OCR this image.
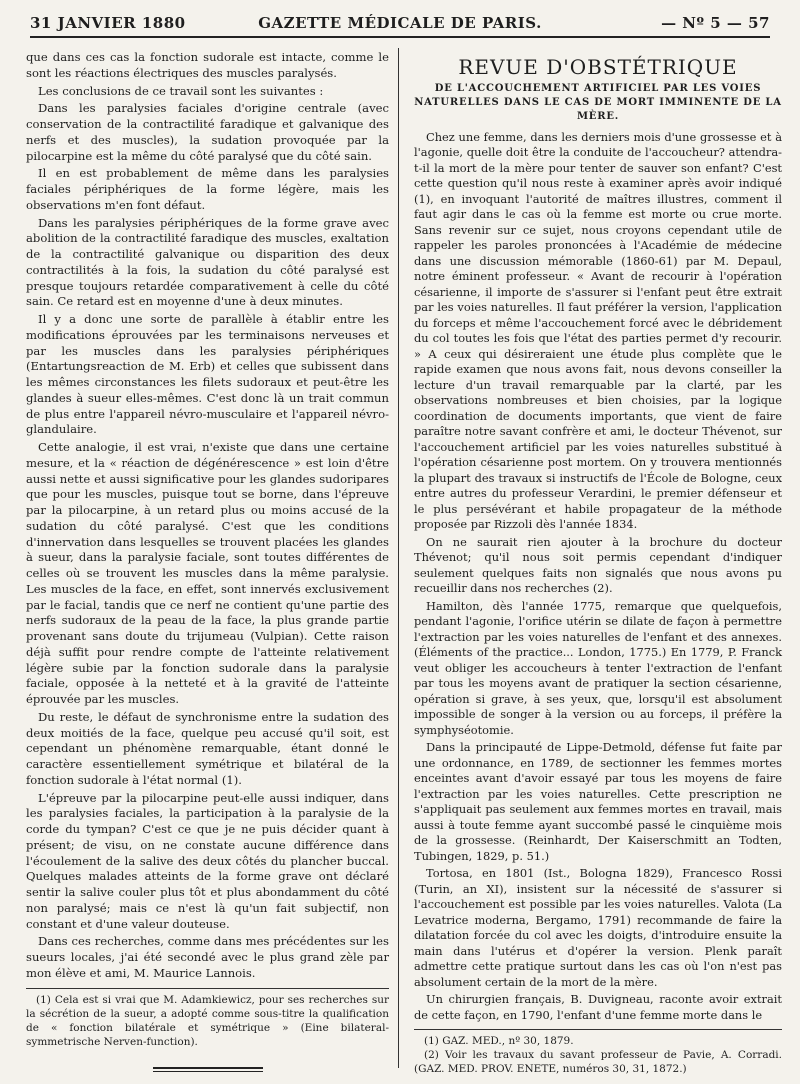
31 JANVIER 1880	GAZETTE MÉDICALE DE PARIS.	— Nº 5 — 57

que dans ces cas la fonction sudorale est intacte, comme le sont les réactions électriques des muscles paralysés.

Les conclusions de ce travail sont les suivantes :

Dans les paralysies faciales d'origine centrale (avec conservation de la contractilité faradique et galvanique des nerfs et des muscles), la sudation provoquée par la pilocarpine est la même du côté paralysé que du côté sain.

Il en est probablement de même dans les paralysies faciales périphériques de la forme légère, mais les observations m'en font défaut.

Dans les paralysies périphériques de la forme grave avec abolition de la contractilité faradique des muscles, exaltation de la contractilité galvanique ou disparition des deux contractilités à la fois, la sudation du côté paralysé est presque toujours retardée comparativement à celle du côté sain. Ce retard est en moyenne d'une à deux minutes.

Il y a donc une sorte de parallèle à établir entre les modifications éprouvées par les terminaisons nerveuses et par les muscles dans les paralysies périphériques (Entartungsreaction de M. Erb) et celles que subissent dans les mêmes circonstances les filets sudoraux et peut-être les glandes à sueur elles-mêmes. C'est donc là un trait commun de plus entre l'appareil névro-musculaire et l'appareil névro-glandulaire.

Cette analogie, il est vrai, n'existe que dans une certaine mesure, et la « réaction de dégénérescence » est loin d'être aussi nette et aussi significative pour les glandes sudoripares que pour les muscles, puisque tout se borne, dans l'épreuve par la pilocarpine, à un retard plus ou moins accusé de la sudation du côté paralysé. C'est que les conditions d'innervation dans lesquelles se trouvent placées les glandes à sueur, dans la paralysie faciale, sont toutes différentes de celles où se trouvent les muscles dans la même paralysie. Les muscles de la face, en effet, sont innervés exclusivement par le facial, tandis que ce nerf ne contient qu'une partie des nerfs sudoraux de la peau de la face, la plus grande partie provenant sans doute du trijumeau (Vulpian). Cette raison déjà suffit pour rendre compte de l'atteinte relativement légère subie par la fonction sudorale dans la paralysie faciale, opposée à la netteté et à la gravité de l'atteinte éprouvée par les muscles.

Du reste, le défaut de synchronisme entre la sudation des deux moitiés de la face, quelque peu accusé qu'il soit, est cependant un phénomène remarquable, étant donné le caractère essentiellement symétrique et bilatéral de la fonction sudorale à l'état normal (1).

L'épreuve par la pilocarpine peut-elle aussi indiquer, dans les paralysies faciales, la participation à la paralysie de la corde du tympan? C'est ce que je ne puis décider quant à présent; de visu, on ne constate aucune différence dans l'écoulement de la salive des deux côtés du plancher buccal. Quelques malades atteints de la forme grave ont déclaré sentir la salive couler plus tôt et plus abondamment du côté non paralysé; mais ce n'est là qu'un fait subjectif, non constant et d'une valeur douteuse.

Dans ces recherches, comme dans mes précédentes sur les sueurs locales, j'ai été secondé avec le plus grand zèle par mon élève et ami, M. Maurice Lannois.

(1) Cela est si vrai que M. Adamkiewicz, pour ses recherches sur la sécrétion de la sueur, a adopté comme sous-titre la qualification de « fonction bilatérale et symétrique » (Eine bilateral-symmetrische Nerven-function).

REVUE D'OBSTÉTRIQUE
DE L'ACCOUCHEMENT ARTIFICIEL PAR LES VOIES NATURELLES DANS LE CAS DE MORT IMMINENTE DE LA MÈRE.

Chez une femme, dans les derniers mois d'une grossesse et à l'agonie, quelle doit être la conduite de l'accoucheur? attendra-t-il la mort de la mère pour tenter de sauver son enfant? C'est cette question qu'il nous reste à examiner après avoir indiqué (1), en invoquant l'autorité de maîtres illustres, comment il faut agir dans le cas où la femme est morte ou crue morte. Sans revenir sur ce sujet, nous croyons cependant utile de rappeler les paroles prononcées à l'Académie de médecine dans une discussion mémorable (1860-61) par M. Depaul, notre éminent professeur. « Avant de recourir à l'opération césarienne, il importe de s'assurer si l'enfant peut être extrait par les voies naturelles. Il faut préférer la version, l'application du forceps et même l'accouchement forcé avec le débridement du col toutes les fois que l'état des parties permet d'y recourir. » A ceux qui désireraient une étude plus complète que le rapide examen que nous avons fait, nous devons conseiller la lecture d'un travail remarquable par la clarté, par les observations nombreuses et bien choisies, par la logique coordination de documents importants, que vient de faire paraître notre savant confrère et ami, le docteur Thévenot, sur l'accouchement artificiel par les voies naturelles substitué à l'opération césarienne post mortem. On y trouvera mentionnés la plupart des travaux si instructifs de l'École de Bologne, ceux entre autres du professeur Verardini, le premier défenseur et le plus persévérant et habile propagateur de la méthode proposée par Rizzoli dès l'année 1834.

On ne saurait rien ajouter à la brochure du docteur Thévenot; qu'il nous soit permis cependant d'indiquer seulement quelques faits non signalés que nous avons pu recueillir dans nos recherches (2).

Hamilton, dès l'année 1775, remarque que quelquefois, pendant l'agonie, l'orifice utérin se dilate de façon à permettre l'extraction par les voies naturelles de l'enfant et des annexes. (Éléments of the practice... London, 1775.) En 1779, P. Franck veut obliger les accoucheurs à tenter l'extraction de l'enfant par tous les moyens avant de pratiquer la section césarienne, opération si grave, à ses yeux, que, lorsqu'il est absolument impossible de songer à la version ou au forceps, il préfère la symphyséotomie.

Dans la principauté de Lippe-Detmold, défense fut faite par une ordonnance, en 1789, de sectionner les femmes mortes enceintes avant d'avoir essayé par tous les moyens de faire l'extraction par les voies naturelles. Cette prescription ne s'appliquait pas seulement aux femmes mortes en travail, mais aussi à toute femme ayant succombé passé le cinquième mois de la grossesse. (Reinhardt, Der Kaiserschmitt an Todten, Tubingen, 1829, p. 51.)

Tortosa, en 1801 (Ist., Bologna 1829), Francesco Rossi (Turin, an XI), insistent sur la nécessité de s'assurer si l'accouchement est possible par les voies naturelles. Valota (La Levatrice moderna, Bergamo, 1791) recommande de faire la dilatation forcée du col avec les doigts, d'introduire ensuite la main dans l'utérus et d'opérer la version. Plenk paraît admettre cette pratique surtout dans les cas où l'on n'est pas absolument certain de la mort de la mère.

Un chirurgien français, B. Duvigneau, raconte avoir extrait de cette façon, en 1790, l'enfant d'une femme morte dans le

(1) GAZ. MED., nº 30, 1879.

(2) Voir les travaux du savant professeur de Pavie, A. Corradi. (GAZ. MED. PROV. ENETE, numéros 30, 31, 1872.)
